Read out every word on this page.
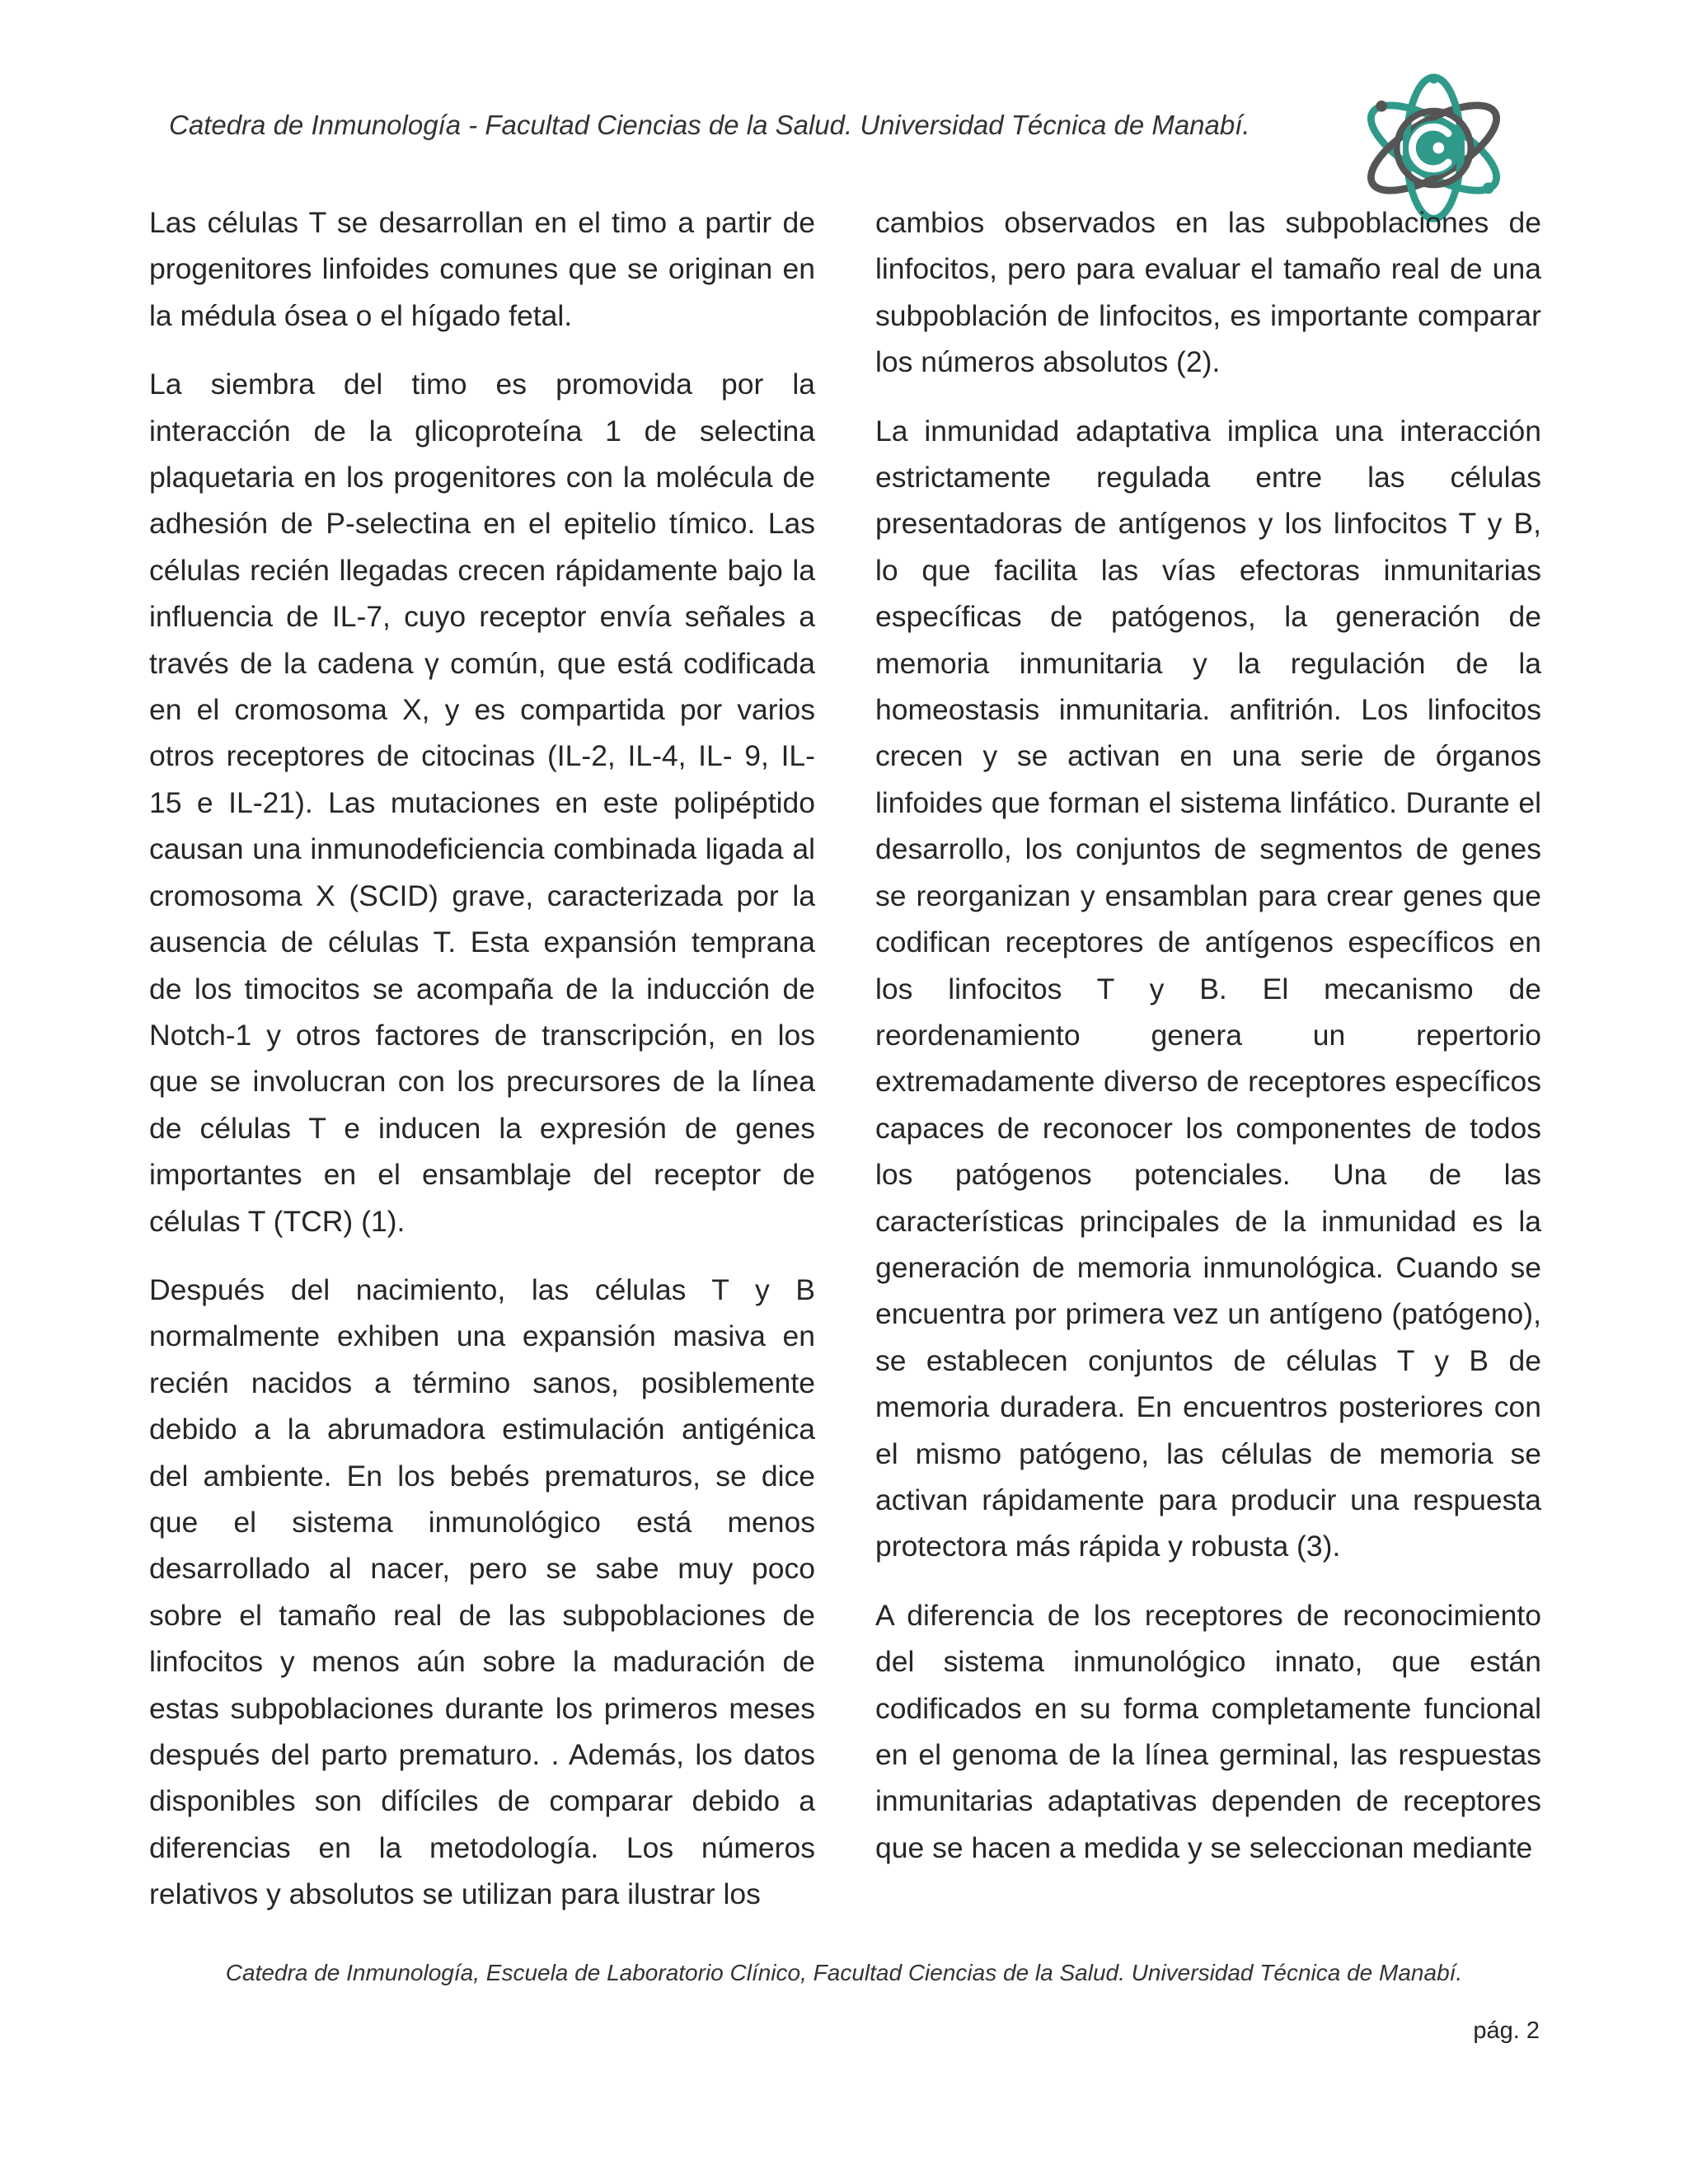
Catedra de Inmunología - Facultad Ciencias de la Salud. Universidad Técnica de Manabí.

Las células T se desarrollan en el timo a partir de progenitores linfoides comunes que se originan en la médula ósea o el hígado fetal.

La siembra del timo es promovida por la interacción de la glicoproteína 1 de selectina plaquetaria en los progenitores con la molécula de adhesión de P-selectina en el epitelio tímico. Las células recién llegadas crecen rápidamente bajo la influencia de IL-7, cuyo receptor envía señales a través de la cadena γ común, que está codificada en el cromosoma X, y es compartida por varios otros receptores de citocinas (IL-2, IL-4, IL- 9, IL-15 e IL-21). Las mutaciones en este polipéptido causan una inmunodeficiencia combinada ligada al cromosoma X (SCID) grave, caracterizada por la ausencia de células T. Esta expansión temprana de los timocitos se acompaña de la inducción de Notch-1 y otros factores de transcripción, en los que se involucran con los precursores de la línea de células T e inducen la expresión de genes importantes en el ensamblaje del receptor de células T (TCR) (1).

Después del nacimiento, las células T y B normalmente exhiben una expansión masiva en recién nacidos a término sanos, posiblemente debido a la abrumadora estimulación antigénica del ambiente. En los bebés prematuros, se dice que el sistema inmunológico está menos desarrollado al nacer, pero se sabe muy poco sobre el tamaño real de las subpoblaciones de linfocitos y menos aún sobre la maduración de estas subpoblaciones durante los primeros meses después del parto prematuro. . Además, los datos disponibles son difíciles de comparar debido a diferencias en la metodología. Los números relativos y absolutos se utilizan para ilustrar los

cambios observados en las subpoblaciones de linfocitos, pero para evaluar el tamaño real de una subpoblación de linfocitos, es importante comparar los números absolutos (2).

La inmunidad adaptativa implica una interacción estrictamente regulada entre las células presentadoras de antígenos y los linfocitos T y B, lo que facilita las vías efectoras inmunitarias específicas de patógenos, la generación de memoria inmunitaria y la regulación de la homeostasis inmunitaria. anfitrión. Los linfocitos crecen y se activan en una serie de órganos linfoides que forman el sistema linfático. Durante el desarrollo, los conjuntos de segmentos de genes se reorganizan y ensamblan para crear genes que codifican receptores de antígenos específicos en los linfocitos T y B. El mecanismo de reordenamiento genera un repertorio extremadamente diverso de receptores específicos capaces de reconocer los componentes de todos los patógenos potenciales. Una de las características principales de la inmunidad es la generación de memoria inmunológica. Cuando se encuentra por primera vez un antígeno (patógeno), se establecen conjuntos de células T y B de memoria duradera. En encuentros posteriores con el mismo patógeno, las células de memoria se activan rápidamente para producir una respuesta protectora más rápida y robusta (3).

A diferencia de los receptores de reconocimiento del sistema inmunológico innato, que están codificados en su forma completamente funcional en el genoma de la línea germinal, las respuestas inmunitarias adaptativas dependen de receptores que se hacen a medida y se seleccionan mediante

Catedra de Inmunología, Escuela de Laboratorio Clínico, Facultad Ciencias de la Salud. Universidad Técnica de Manabí.
pág. 2
